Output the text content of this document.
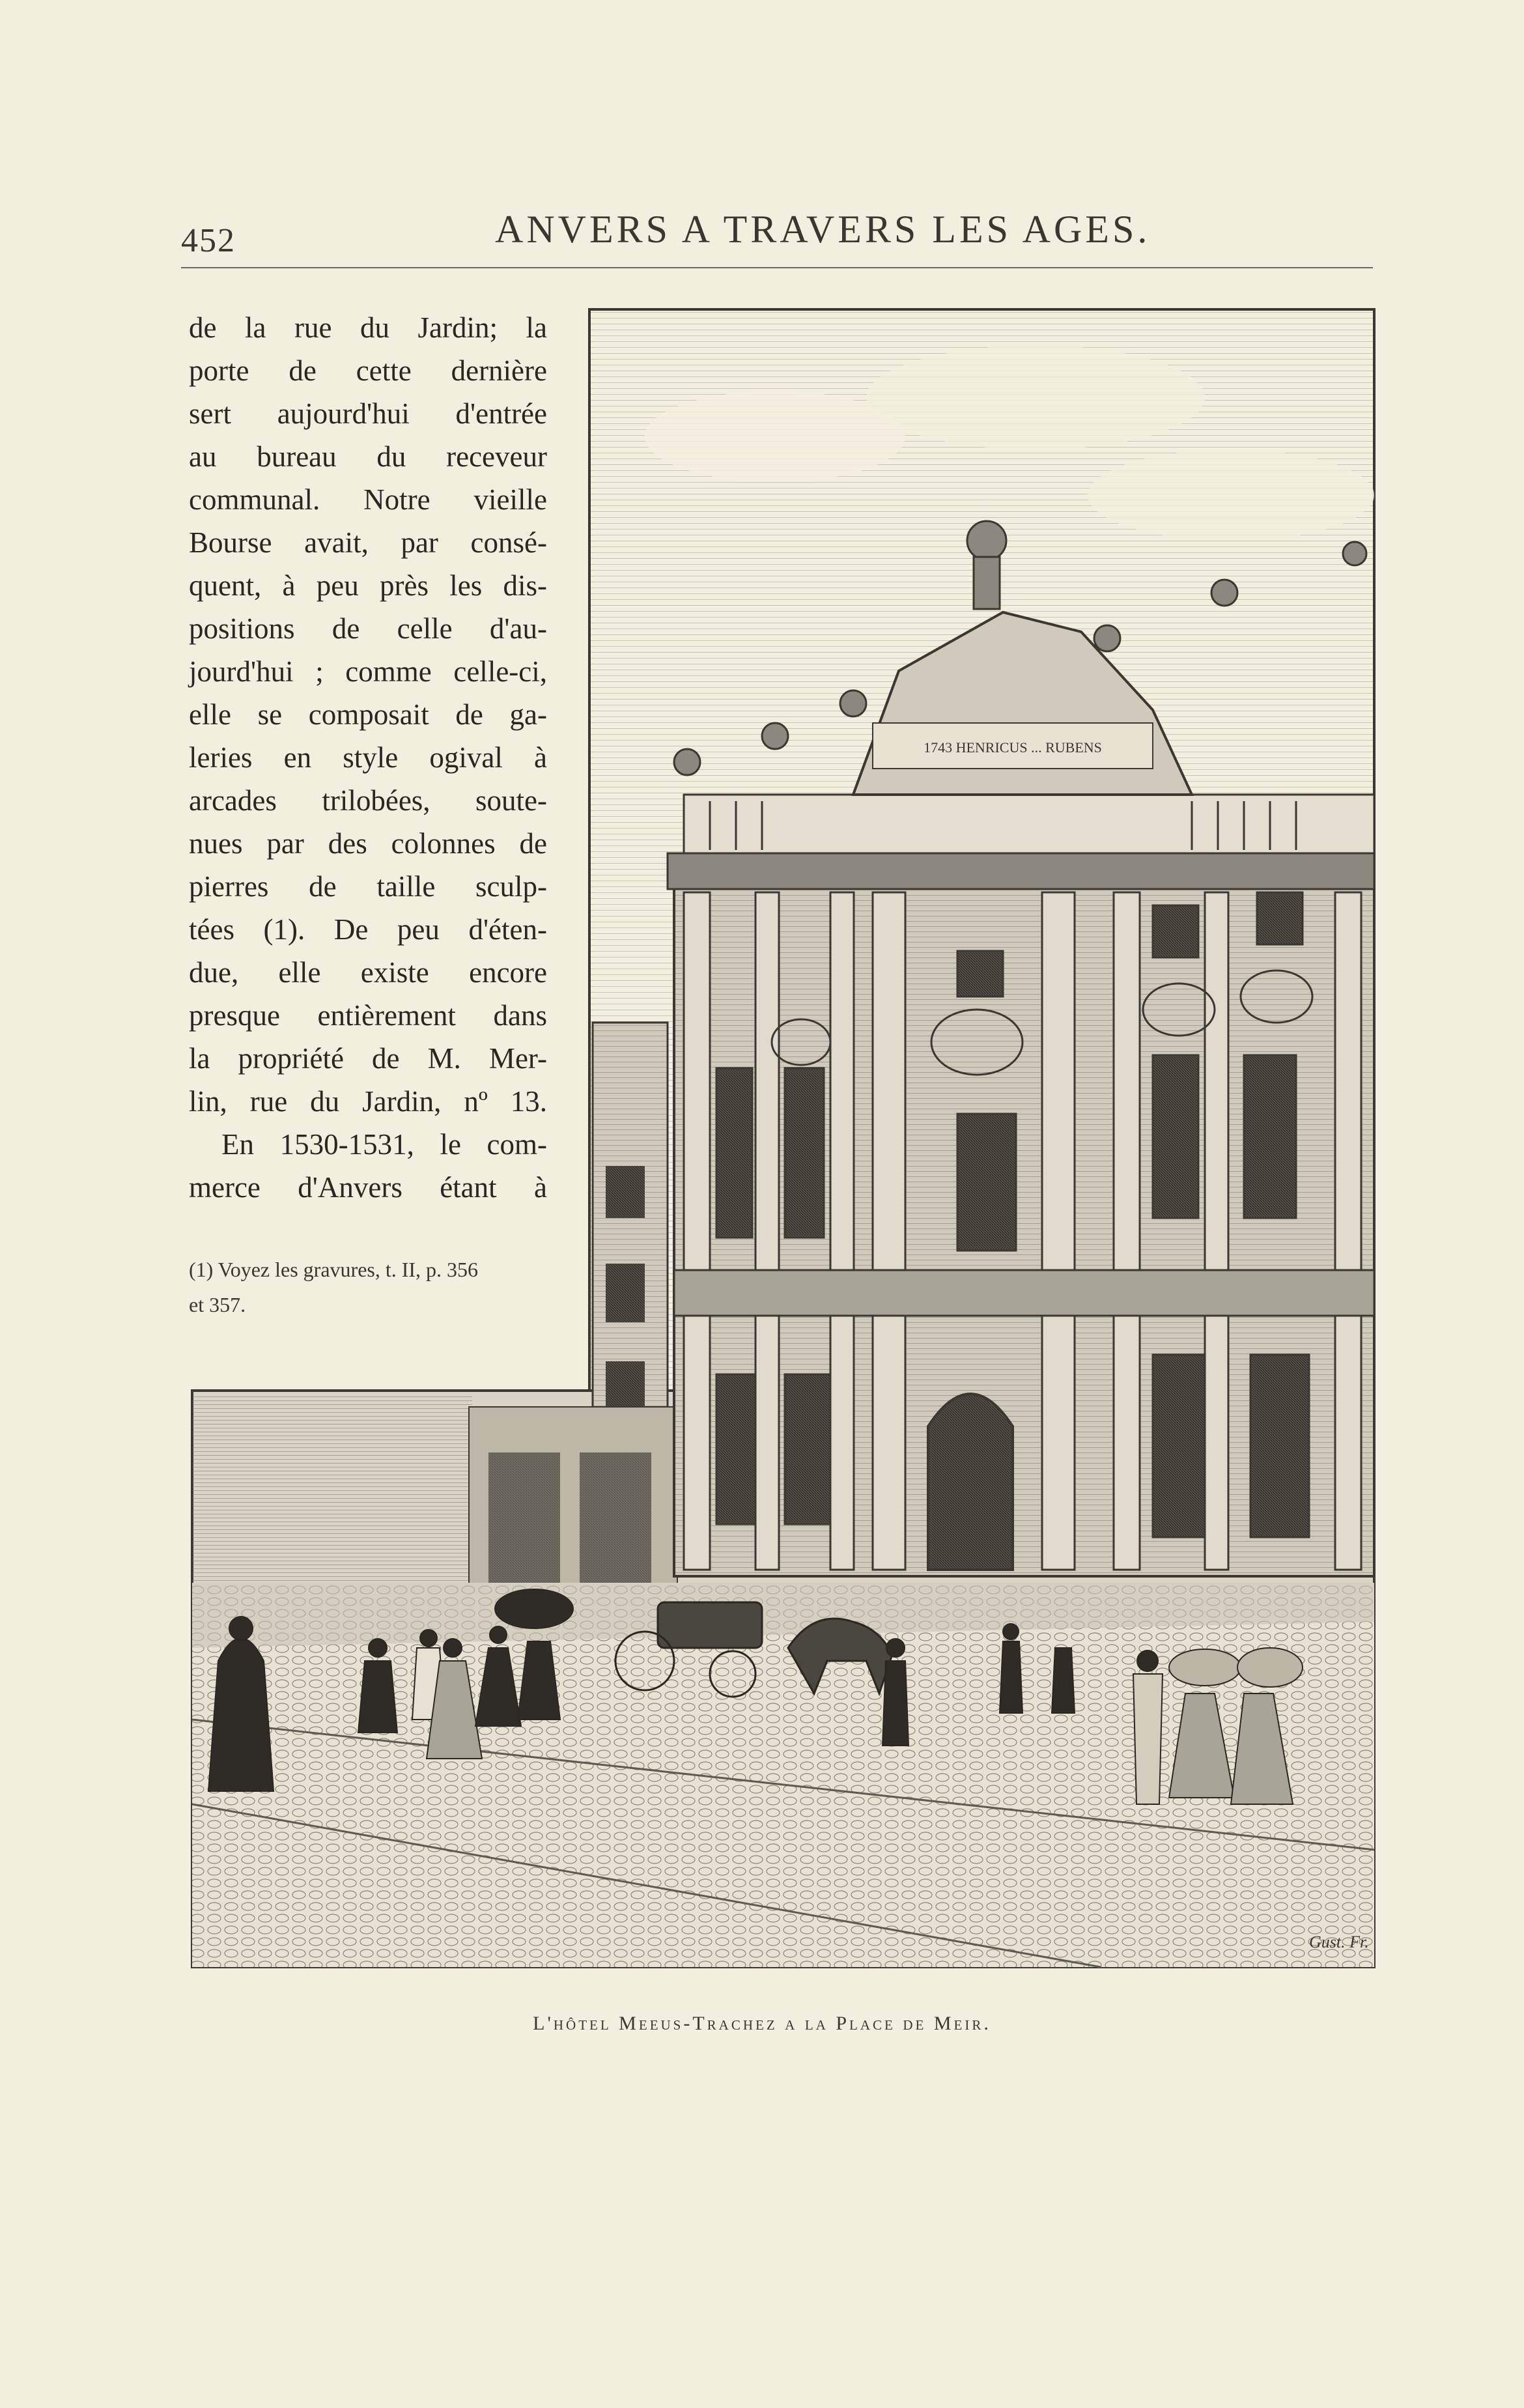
452	ANVERS A TRAVERS LES AGES.
1743 HENRICUS ... RUBENS
Gust. Fr.
de la rue du Jardin; la
porte de cette dernière
sert aujourd'hui d'entrée
au bureau du receveur
communal. Notre vieille
Bourse avait, par consé-
quent, à peu près les dis-
positions de celle d'au-
jourd'hui ; comme celle-ci,
elle se composait de ga-
leries en style ogival à
arcades trilobées, soute-
nues par des colonnes de
pierres de taille sculp-
tées (1). De peu d'éten-
due, elle existe encore
presque entièrement dans
la propriété de M. Mer-
lin, rue du Jardin, nº 13.
En 1530-1531, le com-
merce d'Anvers étant à
(1) Voyez les gravures, t. II, p. 356
et 357.
L'hôtel Meeus-Trachez a la Place de Meir.
